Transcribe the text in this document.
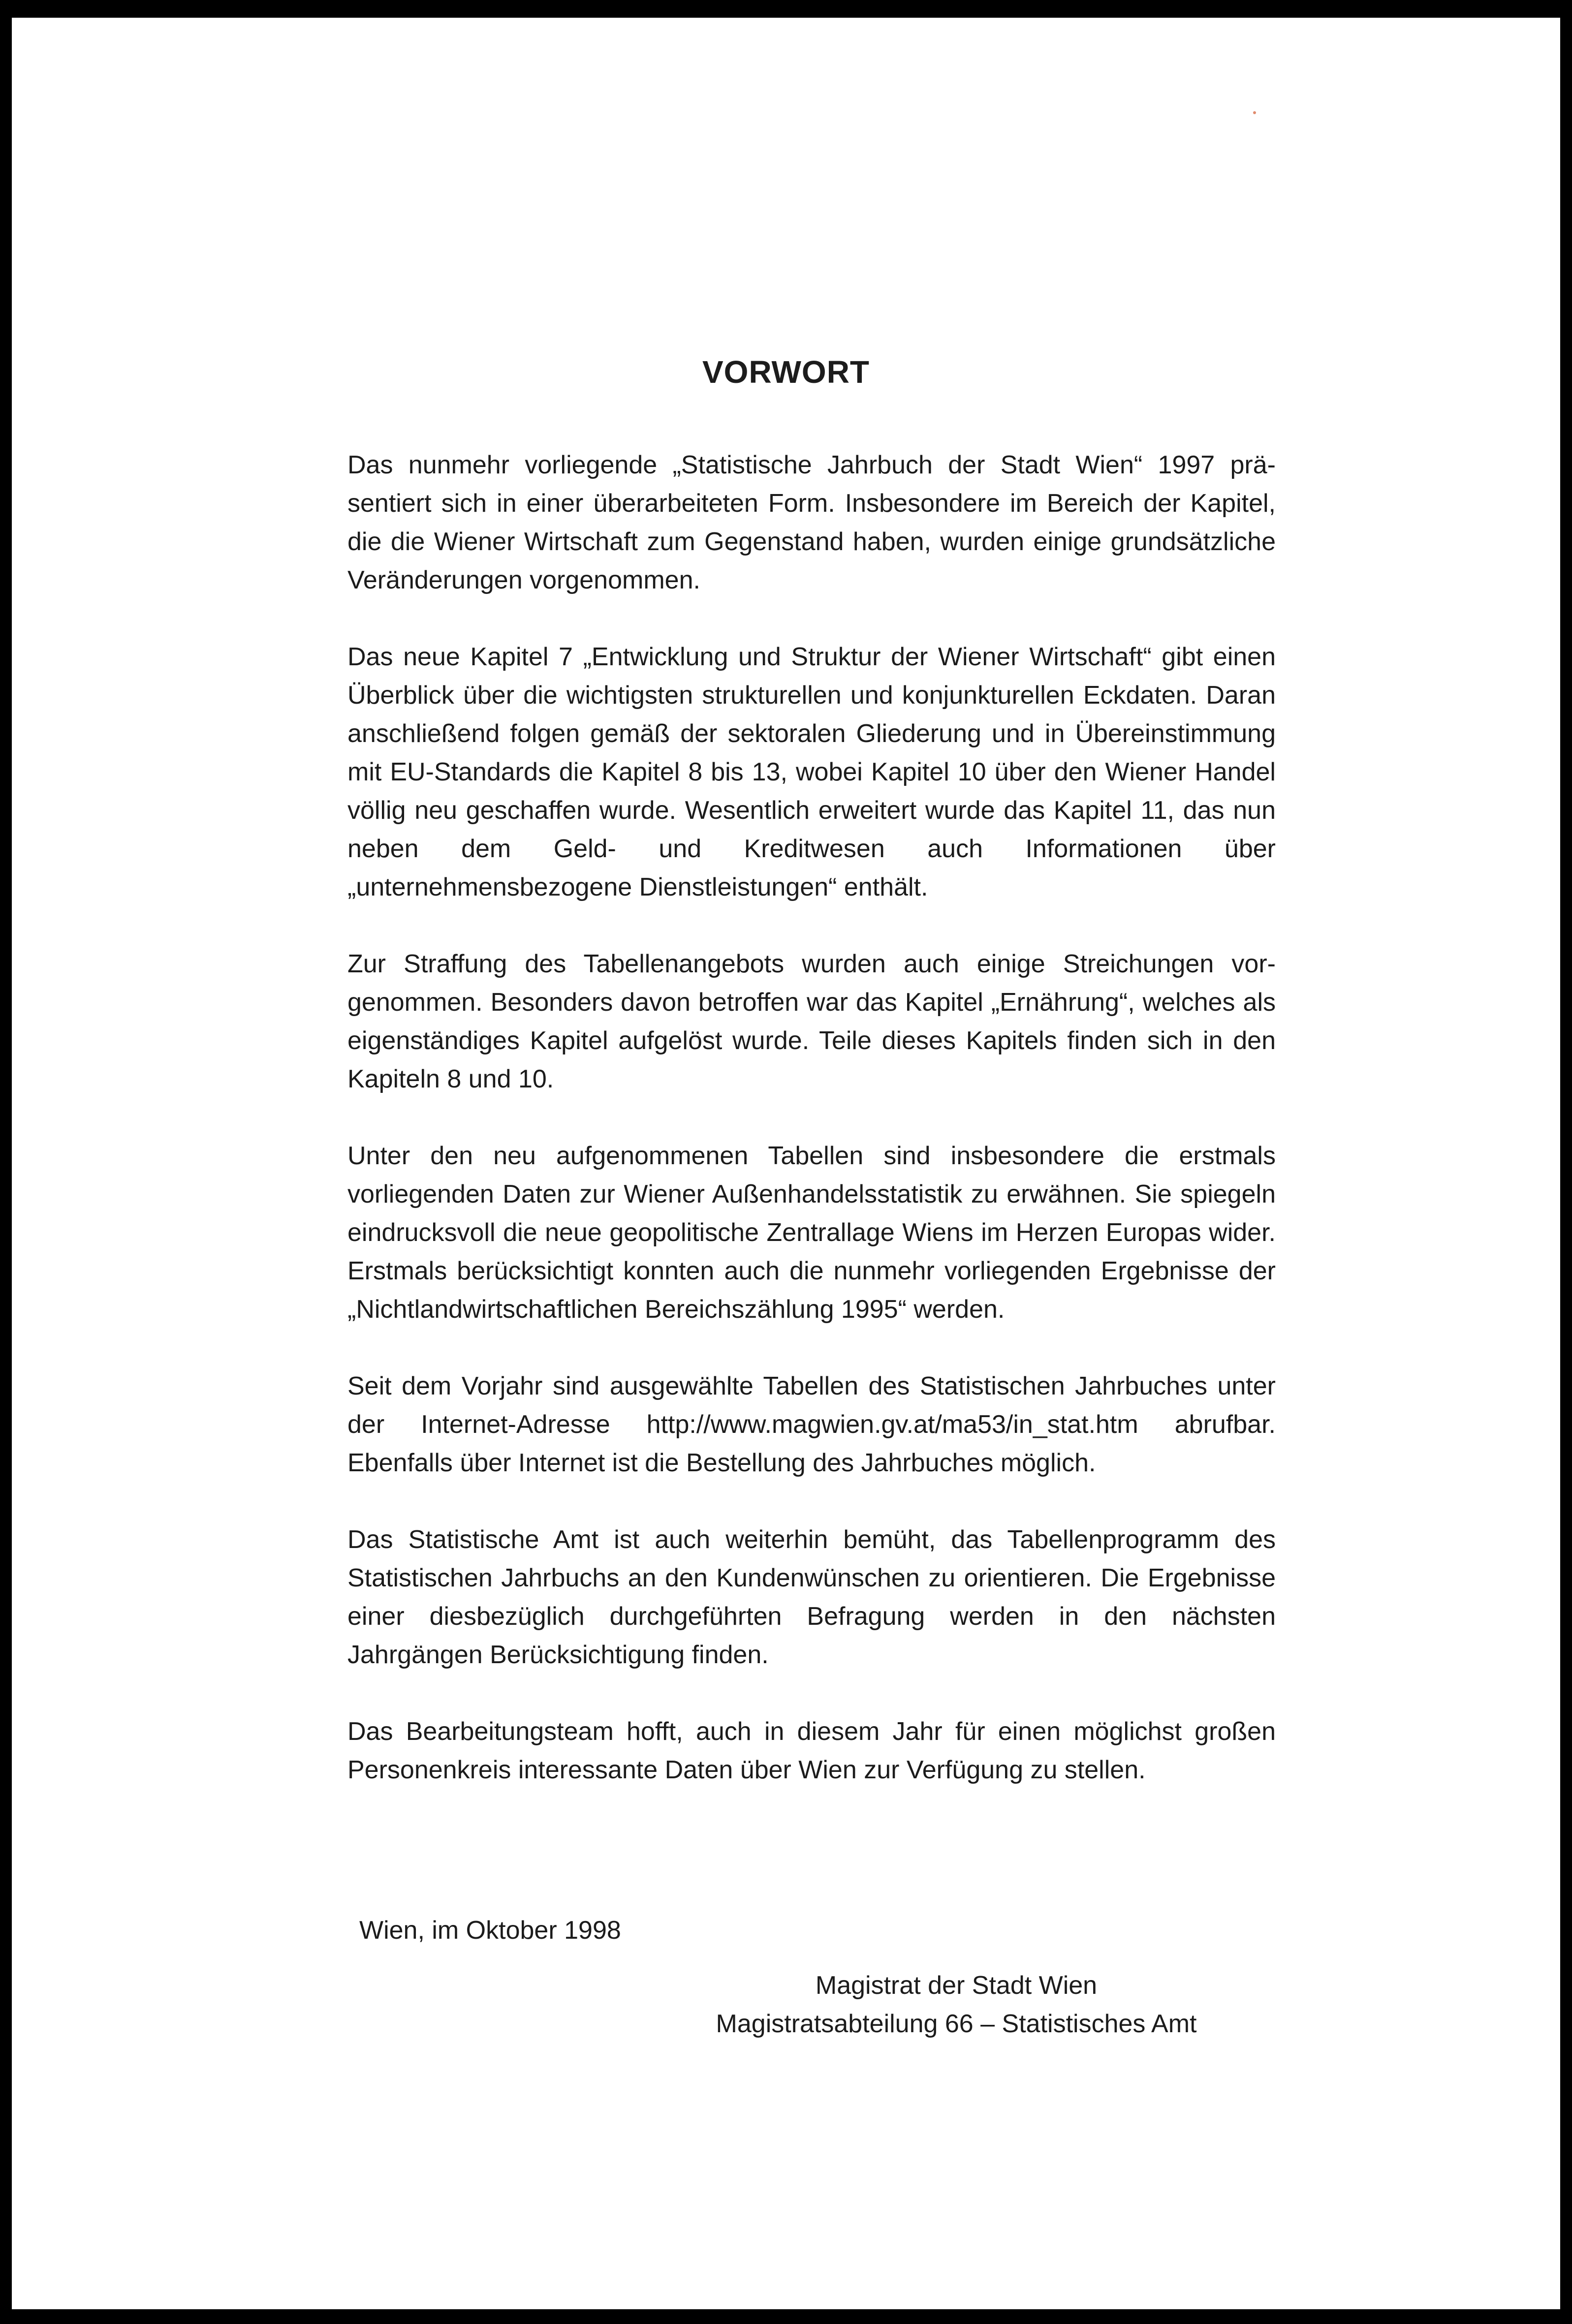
VORWORT

Das nunmehr vorliegende „Statistische Jahrbuch der Stadt Wien“ 1997 präsentiert sich in einer überarbeiteten Form. Insbesondere im Bereich der Kapitel, die die Wiener Wirtschaft zum Gegenstand haben, wurden einige grundsätzliche Veränderungen vorgenommen.

Das neue Kapitel 7 „Entwicklung und Struktur der Wiener Wirtschaft“ gibt einen Überblick über die wichtigsten strukturellen und konjunkturellen Eckdaten. Daran anschließend folgen gemäß der sektoralen Gliederung und in Übereinstimmung mit EU-Standards die Kapitel 8 bis 13, wobei Kapitel 10 über den Wiener Handel völlig neu geschaffen wurde. Wesentlich erweitert wurde das Kapitel 11, das nun neben dem Geld- und Kreditwesen auch Informationen über „unternehmensbezogene Dienstleistungen“ enthält.

Zur Straffung des Tabellenangebots wurden auch einige Streichungen vorgenommen. Besonders davon betroffen war das Kapitel „Ernährung“, welches als eigenständiges Kapitel aufgelöst wurde. Teile dieses Kapitels finden sich in den Kapiteln 8 und 10.

Unter den neu aufgenommenen Tabellen sind insbesondere die erstmals vorliegenden Daten zur Wiener Außenhandelsstatistik zu erwähnen. Sie spiegeln eindrucksvoll die neue geopolitische Zentrallage Wiens im Herzen Europas wider. Erstmals berücksichtigt konnten auch die nunmehr vorliegenden Ergebnisse der „Nichtlandwirtschaftlichen Bereichszählung 1995“ werden.

Seit dem Vorjahr sind ausgewählte Tabellen des Statistischen Jahrbuches unter der Internet-Adresse http://www.magwien.gv.at/ma53/in_stat.htm abrufbar. Ebenfalls über Internet ist die Bestellung des Jahrbuches möglich.

Das Statistische Amt ist auch weiterhin bemüht, das Tabellenprogramm des Statistischen Jahrbuchs an den Kundenwünschen zu orientieren. Die Ergebnisse einer diesbezüglich durchgeführten Befragung werden in den nächsten Jahrgängen Berücksichtigung finden.

Das Bearbeitungsteam hofft, auch in diesem Jahr für einen möglichst großen Personenkreis interessante Daten über Wien zur Verfügung zu stellen.

Wien, im Oktober 1998
Magistrat der Stadt Wien
Magistratsabteilung 66 – Statistisches Amt
